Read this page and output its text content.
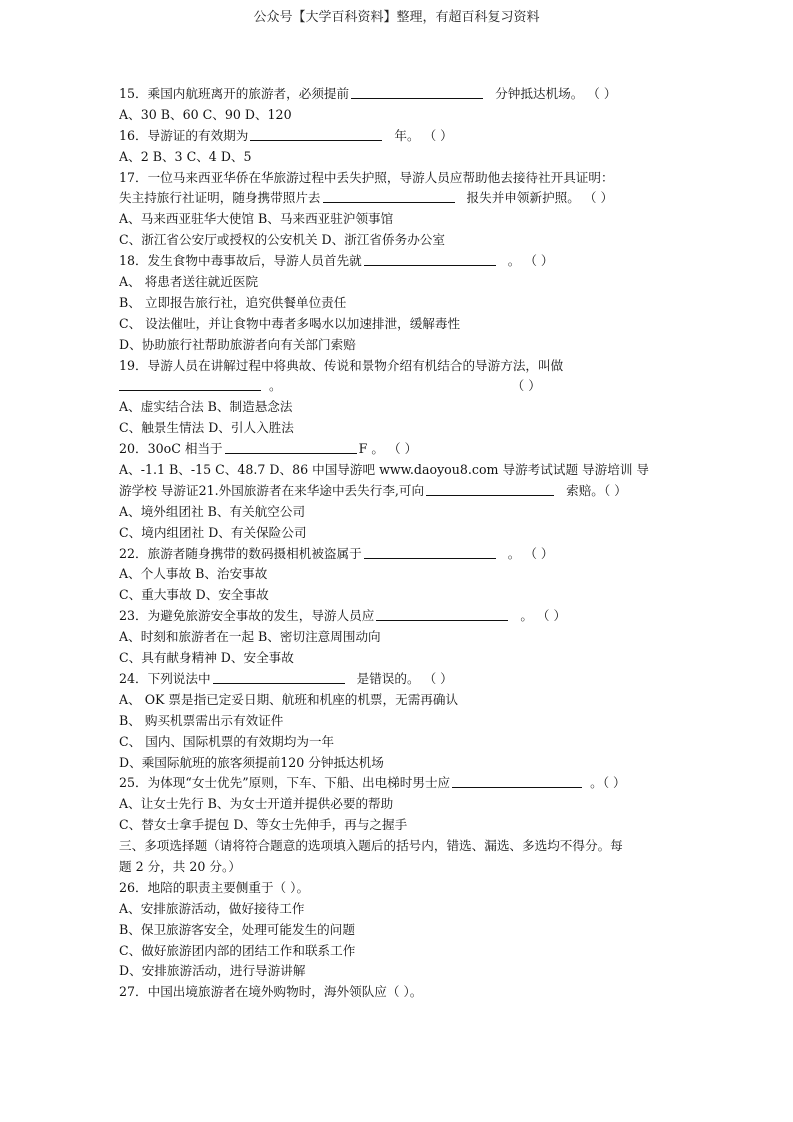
公众号【大学百科资料】整理，有超百科复习资料
15．乘国内航班离开的旅游者，必须提前	分钟抵达机场。 （ ）
A、30 B、60 C、90 D、120
16．导游证的有效期为	年。 （ ）
A、2 B、3 C、4 D、5
17．一位马来西亚华侨在华旅游过程中丢失护照，导游人员应帮助他去接待社开具证明：
失主持旅行社证明，随身携带照片去	报失并申领新护照。 （ ）
A、马来西亚驻华大使馆 B、马来西亚驻沪领事馆
C、浙江省公安厅或授权的公安机关 D、浙江省侨务办公室
18．发生食物中毒事故后，导游人员首先就	。 （ ）
A、 将患者送往就近医院
B、 立即报告旅行社，追究供餐单位责任
C、 设法催吐，并让食物中毒者多喝水以加速排泄，缓解毒性
D、协助旅行社帮助旅游者向有关部门索赔
19．导游人员在讲解过程中将典故、传说和景物介绍有机结合的导游方法，叫做
。	（ ）
A、虚实结合法 B、制造悬念法
C、触景生情法 D、引人入胜法
20．30oC 相当于	F 。 （ ）
A、-1.1 B、-15 C、48.7 D、86 中国导游吧 www.daoyou8.com 导游考试试题 导游培训 导
游学校 导游证21.外国旅游者在来华途中丢失行李,可向	索赔。（ ）
A、境外组团社 B、有关航空公司
C、境内组团社 D、有关保险公司
22．旅游者随身携带的数码摄相机被盗属于	。 （ ）
A、个人事故 B、治安事故
C、重大事故 D、安全事故
23．为避免旅游安全事故的发生，导游人员应	。 （ ）
A、时刻和旅游者在一起 B、密切注意周围动向
C、具有献身精神 D、安全事故
24．下列说法中	是错误的。 （ ）
A、 OK 票是指已定妥日期、航班和机座的机票，无需再确认
B、 购买机票需出示有效证件
C、 国内、国际机票的有效期均为一年
D、乘国际航班的旅客须提前120 分钟抵达机场
25．为体现“女士优先”原则，下车、下船、出电梯时男士应	。（ ）
A、让女士先行 B、为女士开道并提供必要的帮助
C、替女士拿手提包 D、等女士先伸手，再与之握手
三、多项选择题（请将符合题意的选项填入题后的括号内，错选、漏选、多选均不得分。每
题 2 分，共 20 分。）
26．地陪的职责主要侧重于（ ）。
A、安排旅游活动，做好接待工作
B、保卫旅游客安全，处理可能发生的问题
C、做好旅游团内部的团结工作和联系工作
D、安排旅游活动，进行导游讲解
27．中国出境旅游者在境外购物时，海外领队应（ ）。
